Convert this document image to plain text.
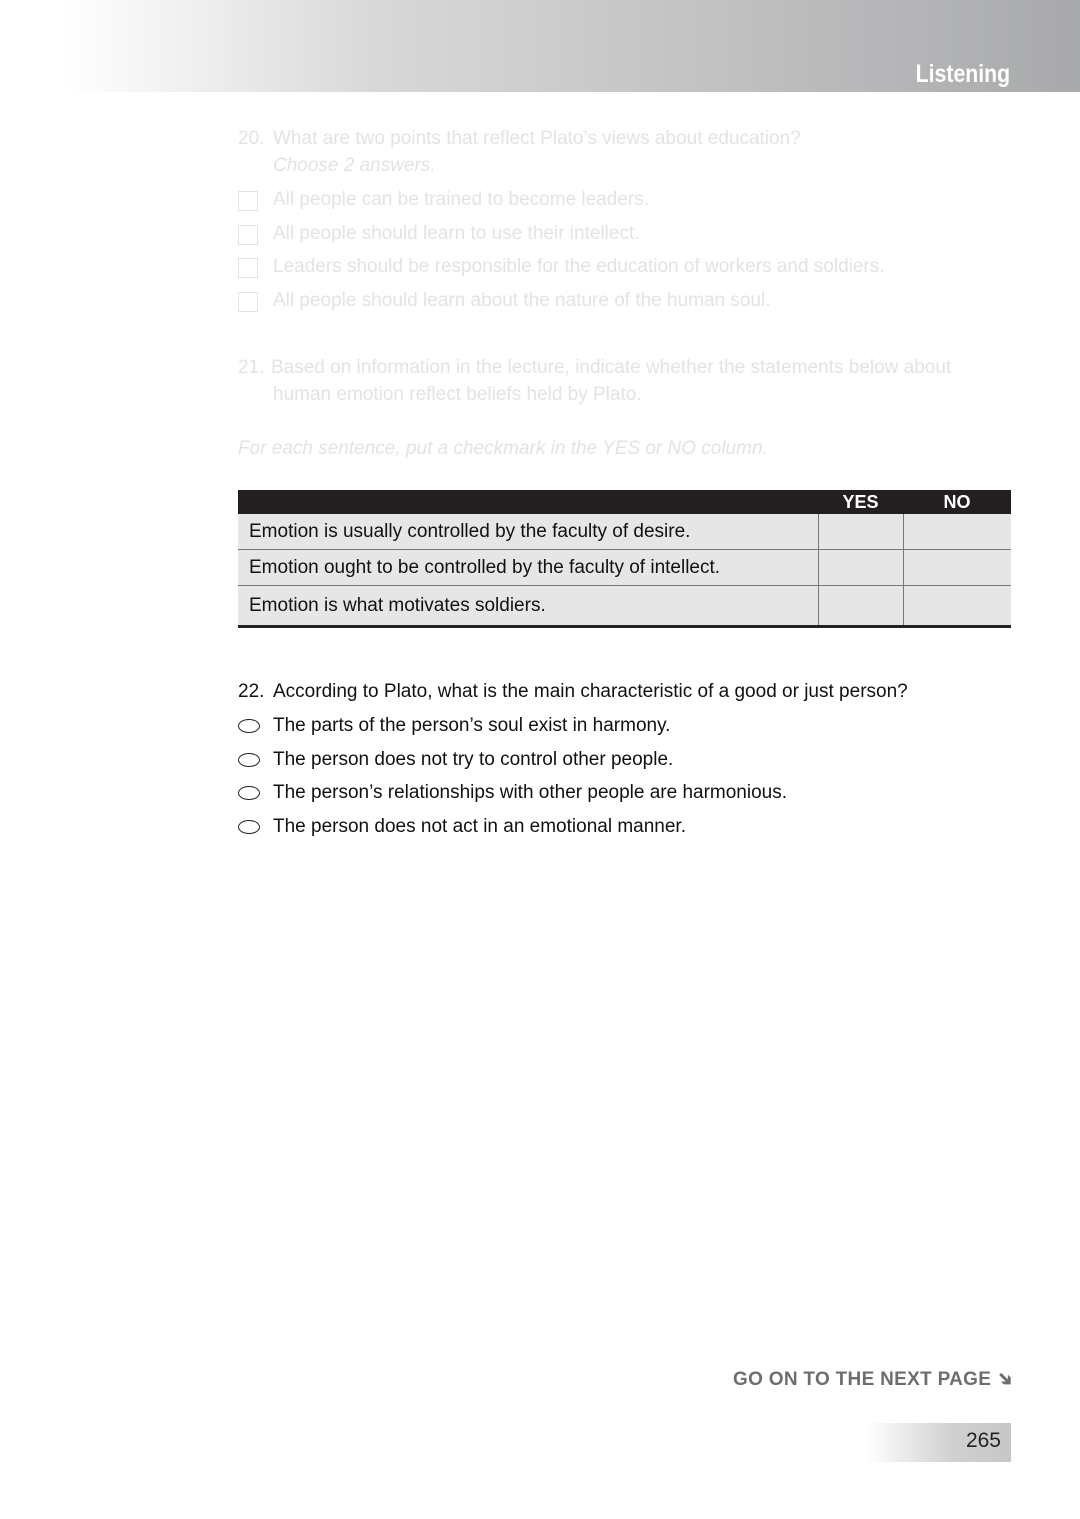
Listening
20. What are two points that reflect Plato’s views about education?
Choose 2 answers.
All people can be trained to become leaders.
All people should learn to use their intellect.
Leaders should be responsible for the education of workers and soldiers.
All people should learn about the nature of the human soul.
21. Based on information in the lecture, indicate whether the statements below about
human emotion reflect beliefs held by Plato.
For each sentence, put a checkmark in the YES or NO column.
	YES	NO
Emotion is usually controlled by the faculty of desire.		
Emotion ought to be controlled by the faculty of intellect.		
Emotion is what motivates soldiers.		
22. According to Plato, what is the main characteristic of a good or just person?
The parts of the person’s soul exist in harmony.
The person does not try to control other people.
The person’s relationships with other people are harmonious.
The person does not act in an emotional manner.
GO ON TO THE NEXT PAGE ➔
265
